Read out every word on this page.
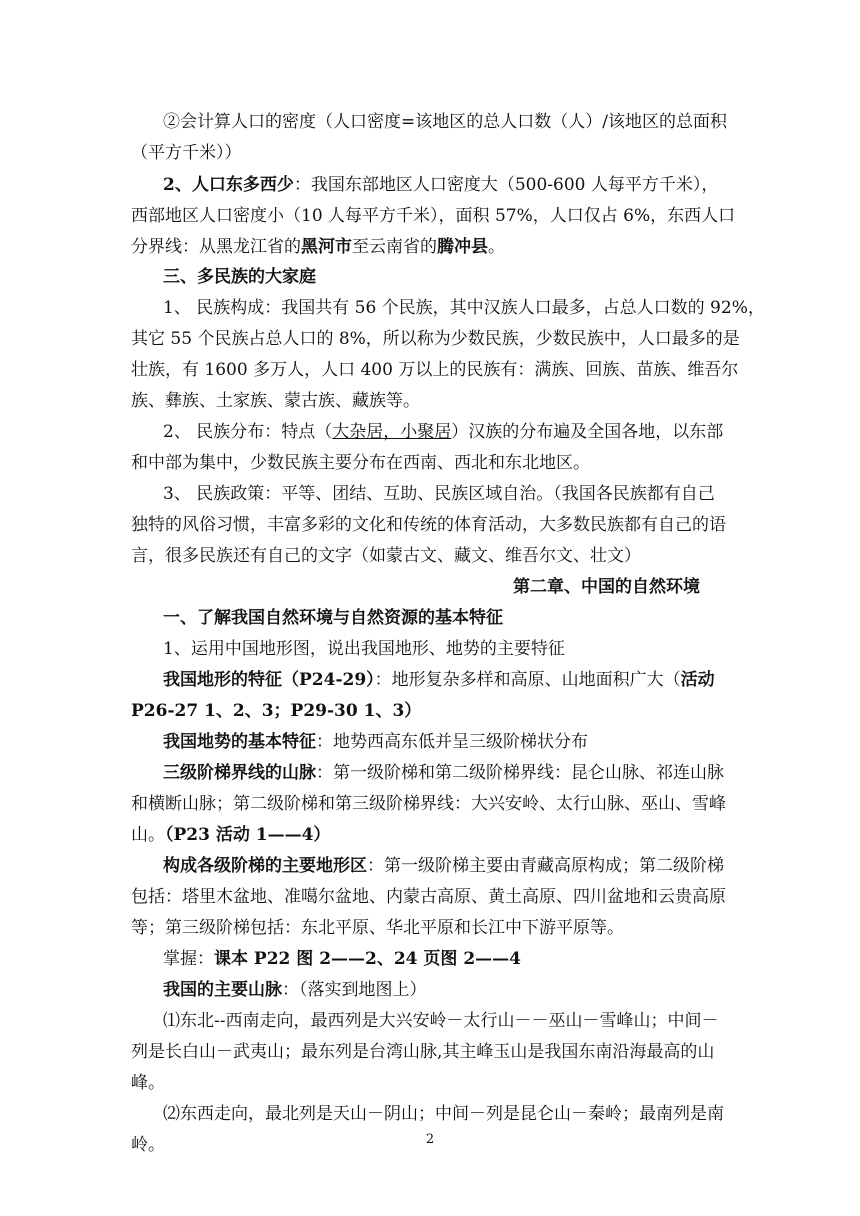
②会计算人口的密度（人口密度=该地区的总人口数（人）/该地区的总面积
（平方千米））
2、人口东多西少：我国东部地区人口密度大（500-600 人每平方千米），
西部地区人口密度小（10 人每平方千米），面积 57%，人口仅占 6%，东西人口
分界线：从黑龙江省的黑河市至云南省的腾冲县。
三、多民族的大家庭
1、 民族构成：我国共有 56 个民族，其中汉族人口最多，占总人口数的 92%，
其它 55 个民族占总人口的 8%，所以称为少数民族，少数民族中，人口最多的是
壮族，有 1600 多万人，人口 400 万以上的民族有：满族、回族、苗族、维吾尔
族、彝族、土家族、蒙古族、藏族等。
2、 民族分布：特点（大杂居，小聚居）汉族的分布遍及全国各地，以东部
和中部为集中，少数民族主要分布在西南、西北和东北地区。
3、 民族政策：平等、团结、互助、民族区域自治。（我国各民族都有自己
独特的风俗习惯，丰富多彩的文化和传统的体育活动，大多数民族都有自己的语
言，很多民族还有自己的文字（如蒙古文、藏文、维吾尔文、壮文）
第二章、中国的自然环境
一、了解我国自然环境与自然资源的基本特征
1、运用中国地形图，说出我国地形、地势的主要特征
我国地形的特征（P24-29）：地形复杂多样和高原、山地面积广大（活动
P26-27 1、2、3；P29-30 1、3）
我国地势的基本特征：地势西高东低并呈三级阶梯状分布
三级阶梯界线的山脉：第一级阶梯和第二级阶梯界线：昆仑山脉、祁连山脉
和横断山脉；第二级阶梯和第三级阶梯界线：大兴安岭、太行山脉、巫山、雪峰
山。（P23 活动 1——4）
构成各级阶梯的主要地形区：第一级阶梯主要由青藏高原构成；第二级阶梯
包括：塔里木盆地、准噶尔盆地、内蒙古高原、黄土高原、四川盆地和云贵高原
等；第三级阶梯包括：东北平原、华北平原和长江中下游平原等。
掌握：课本 P22 图 2——2、24 页图 2——4
我国的主要山脉：（落实到地图上）
⑴东北--西南走向，最西列是大兴安岭－太行山－－巫山－雪峰山；中间－
列是长白山－武夷山；最东列是台湾山脉,其主峰玉山是我国东南沿海最高的山
峰。
⑵东西走向，最北列是天山－阴山；中间－列是昆仑山－秦岭；最南列是南
岭。	2
